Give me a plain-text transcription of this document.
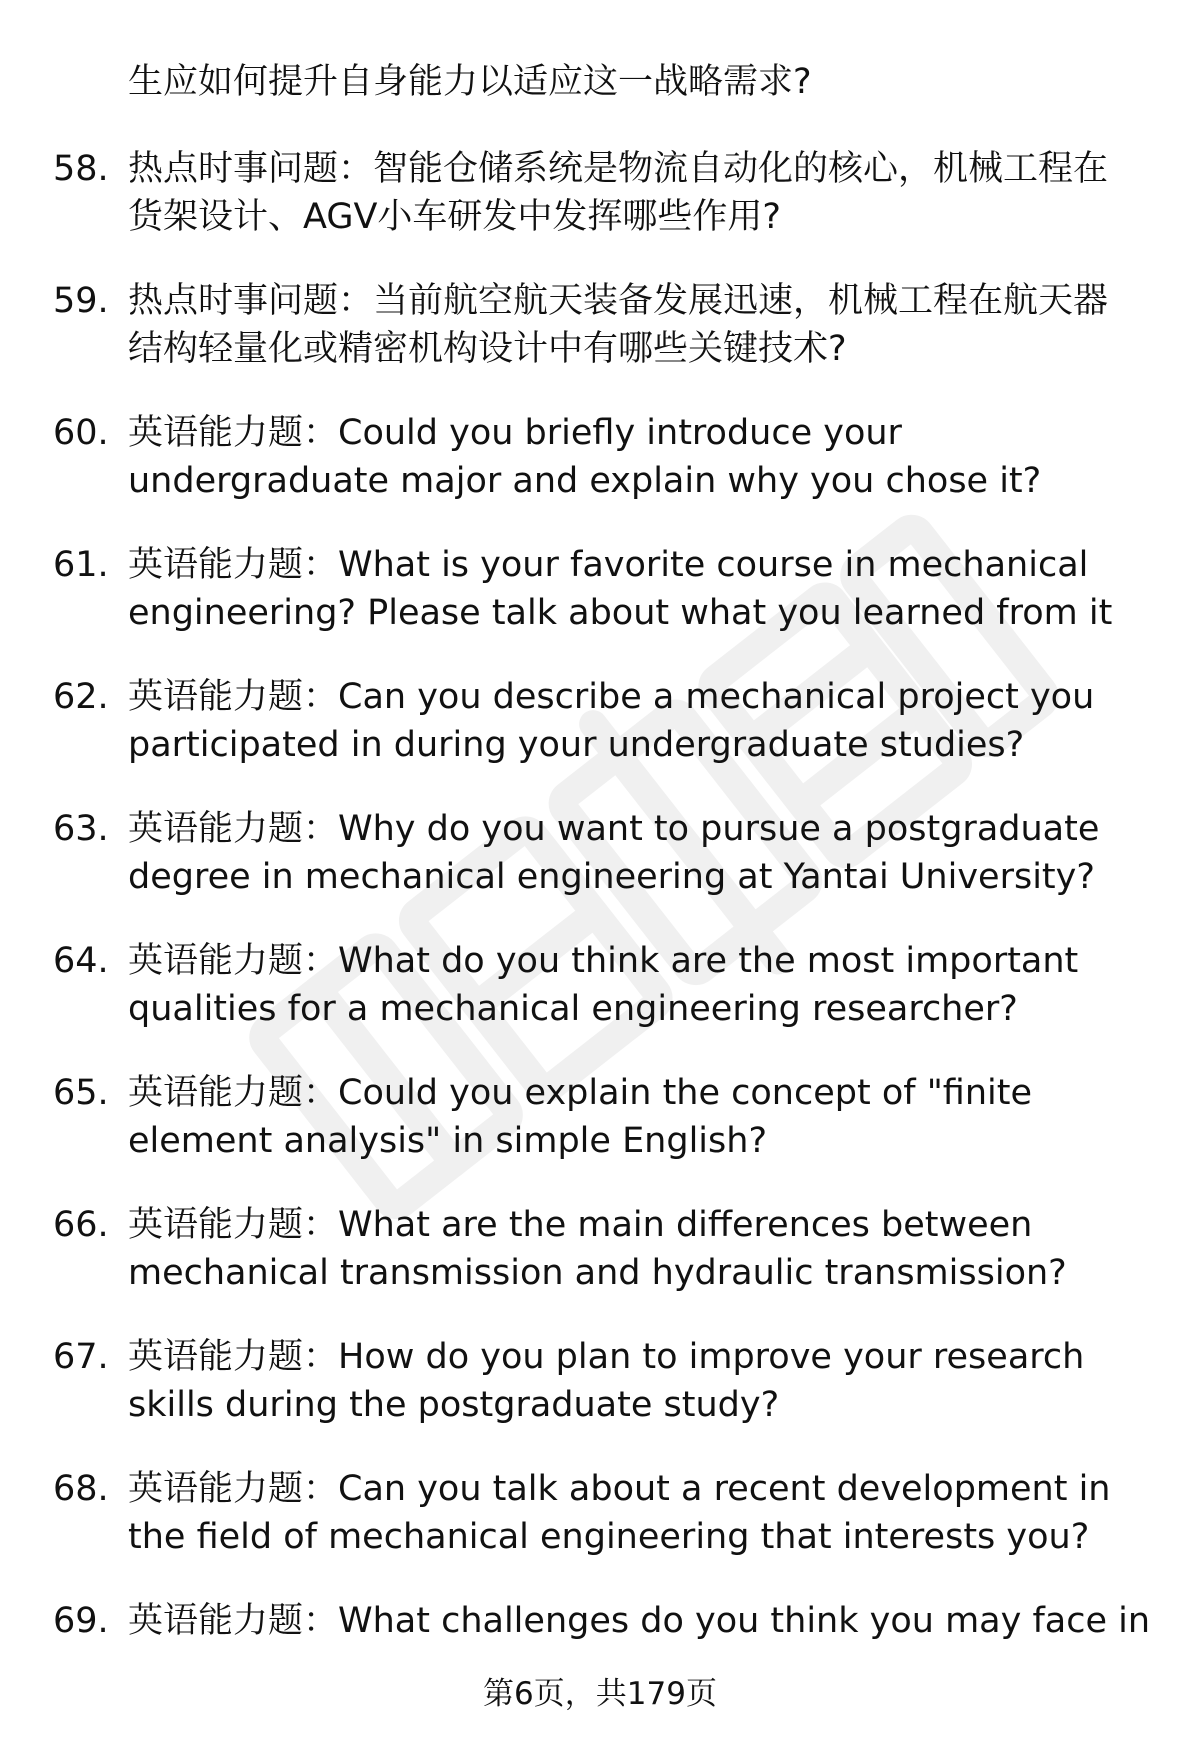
生应如何提升自身能力以适应这一战略需求?
58. 热点时事问题：智能仓储系统是物流自动化的核心，机械工程在
货架设计、AGV小车研发中发挥哪些作用?
59. 热点时事问题：当前航空航天装备发展迅速，机械工程在航天器
结构轻量化或精密机构设计中有哪些关键技术?
60. 英语能力题：Could you briefly introduce your
undergraduate major and explain why you chose it?
61. 英语能力题：What is your favorite course in mechanical
engineering? Please talk about what you learned from it
62. 英语能力题：Can you describe a mechanical project you
participated in during your undergraduate studies?
63. 英语能力题：Why do you want to pursue a postgraduate
degree in mechanical engineering at Yantai University?
64. 英语能力题：What do you think are the most important
qualities for a mechanical engineering researcher?
65. 英语能力题：Could you explain the concept of "finite
element analysis" in simple English?
66. 英语能力题：What are the main differences between
mechanical transmission and hydraulic transmission?
67. 英语能力题：How do you plan to improve your research
skills during the postgraduate study?
68. 英语能力题：Can you talk about a recent development in
the field of mechanical engineering that interests you?
69. 英语能力题：What challenges do you think you may face in
第6页，共179页
